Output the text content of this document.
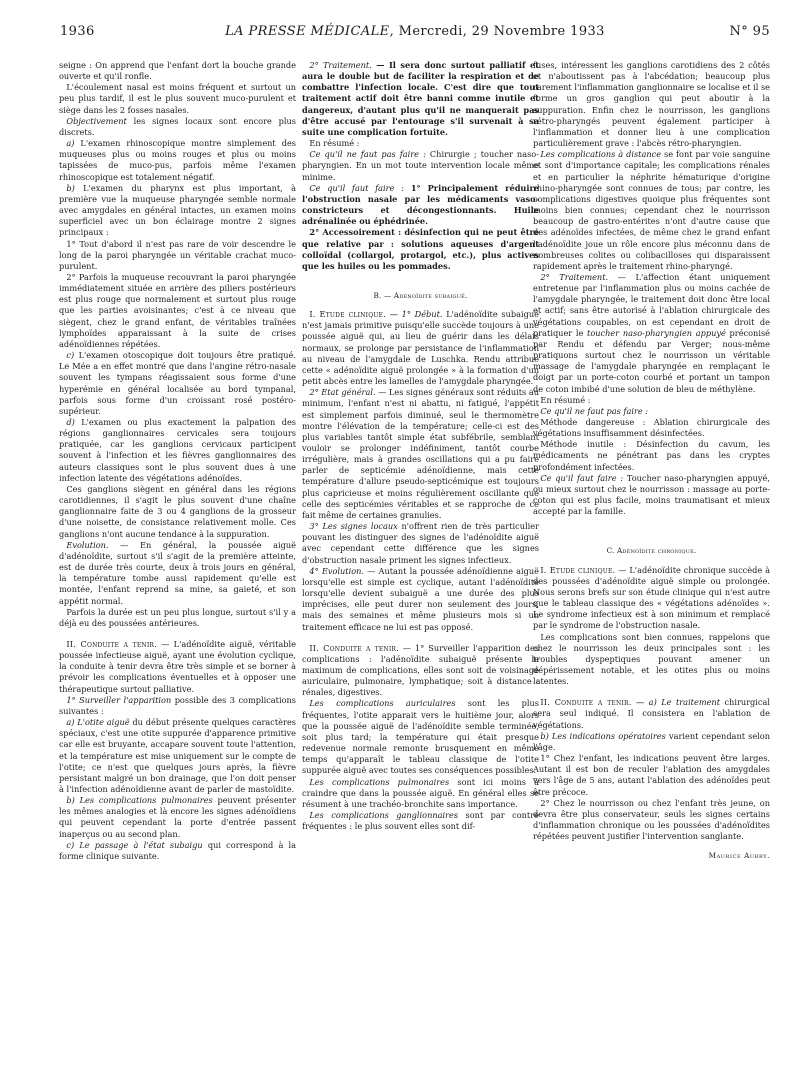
1936	LA PRESSE MÉDICALE, Mercredi, 29 Novembre 1933	N° 95

seigne : On apprend que l'enfant dort la bouche grande ouverte et qu'il ronfle.

L'écoulement nasal est moins fréquent et surtout un peu plus tardif, il est le plus souvent muco-purulent et siège dans les 2 fosses nasales.

Objectivement les signes locaux sont encore plus discrets.

a) L'examen rhinoscopique montre simplement des muqueuses plus ou moins rouges et plus ou moins tapissées de muco-pus, parfois même l'examen rhinoscopique est totalement négatif.

b) L'examen du pharynx est plus important, à première vue la muqueuse pharyngée semble normale avec amygdales en général intactes, un examen moins superficiel avec un bon éclairage montre 2 signes principaux :

1° Tout d'abord il n'est pas rare de voir descendre le long de la paroi pharyngée un véritable crachat muco-purulent.

2° Parfois la muqueuse recouvrant la paroi pharyngée immédiatement située en arrière des piliers postérieurs est plus rouge que normalement et surtout plus rouge que les parties avoisinantes; c'est à ce niveau que siègent, chez le grand enfant, de véritables traînées lymphoïdes apparaissant à la suite de crises adénoïdiennes répétées.

c) L'examen otoscopique doit toujours être pratiqué. Le Mée a en effet montré que dans l'angine rétro-nasale souvent les tympans réagissaient sous forme d'une hyperémie en général localisée au bord tympanal, parfois sous forme d'un croissant rosé postéro-supérieur.

d) L'examen ou plus exactement la palpation des régions ganglionnaires cervicales sera toujours pratiquée, car les ganglions cervicaux participent souvent à l'infection et les fièvres ganglionnaires des auteurs classiques sont le plus souvent dues à une infection latente des végétations adénoïdes.

Ces ganglions siègent en général dans les régions carotidiennes, il s'agit le plus souvent d'une chaîne ganglionnaire faite de 3 ou 4 ganglions de la grosseur d'une noisette, de consistance relativement molle. Ces ganglions n'ont aucune tendance à la suppuration.

Evolution. — En général, la poussée aiguë d'adénoïdite, surtout s'il s'agit de la première atteinte, est de durée très courte, deux à trois jours en général, la température tombe aussi rapidement qu'elle est montée, l'enfant reprend sa mine, sa gaieté, et son appétit normal.

Parfois la durée est un peu plus longue, surtout s'il y a déjà eu des poussées antérieures.

II. Conduite a tenir. — L'adénoïdite aiguë, véritable poussée infectieuse aiguë, ayant une évolution cyclique, la conduite à tenir devra être très simple et se borner à prévoir les complications éventuelles et à opposer une thérapeutique surtout palliative.

1° Surveiller l'apparition possible des 3 complications suivantes :

a) L'otite aiguë du début présente quelques caractères spéciaux, c'est une otite suppurée d'apparence primitive car elle est bruyante, accapare souvent toute l'attention, et la température est mise uniquement sur le compte de l'otite; ce n'est que quelques jours après, la fièvre persistant malgré un bon drainage, que l'on doit penser à l'infection adénoïdienne avant de parler de mastoïdite.

b) Les complications pulmonaires peuvent présenter les mêmes analogies et là encore les signes adénoïdiens qui peuvent cependant la porte d'entrée passent inaperçus ou au second plan.

c) Le passage à l'état subaigu qui correspond à la forme clinique suivante.

2° Traitement. — Il sera donc surtout palliatif et aura le double but de faciliter la respiration et de combattre l'infection locale. C'est dire que tout traitement actif doit être banni comme inutile et dangereux, d'autant plus qu'il ne manquerait pas d'être accusé par l'entourage s'il survenait à sa suite une complication fortuite.

En résumé :

Ce qu'il ne faut pas faire : Chirurgie ; toucher naso-pharyngien. En un mot toute intervention locale même minime.

Ce qu'il faut faire : 1° Principalement réduire l'obstruction nasale par les médicaments vaso-constricteurs et décongestionnants. Huile adrénalinée ou éphédrinée.

2° Accessoirement : désinfection qui ne peut être que relative par : solutions aqueuses d'argent colloïdal (collargol, protargol, etc.), plus actives que les huiles ou les pommades.

B. — Adénoïdite subaiguë.

I. Etude clinique. — 1° Début. L'adénoïdite subaiguë n'est jamais primitive puisqu'elle succède toujours à une poussée aiguë qui, au lieu de guérir dans les délais normaux, se prolonge par persistance de l'inflammation au niveau de l'amygdale de Luschka. Rendu attribue cette « adénoïdite aiguë prolongée » à la formation d'un petit abcès entre les lamelles de l'amygdale pharyngée.

2° Etat général. — Les signes généraux sont réduits au minimum, l'enfant n'est ni abattu, ni fatigué, l'appétit est simplement parfois diminué, seul le thermomètre montre l'élévation de la température; celle-ci est des plus variables tantôt simple état subfébrile, semblant vouloir se prolonger indéfiniment, tantôt courbe irrégulière, mais à grandes oscillations qui a pu faire parler de septicémie adénoïdienne, mais cette température d'allure pseudo-septicémique est toujours plus capricieuse et moins régulièrement oscillante que celle des septicémies véritables et se rapproche de ce fait même de certaines granulies.

3° Les signes locaux n'offrent rien de très particulier pouvant les distinguer des signes de l'adénoïdite aiguë avec cependant cette différence que les signes d'obstruction nasale priment les signes infectieux.

4° Evolution. — Autant la poussée adénoïdienne aiguë lorsqu'elle est simple est cyclique, autant l'adénoïdite lorsqu'elle devient subaiguë a une durée des plus imprécises, elle peut durer non seulement des jours, mais des semaines et même plusieurs mois si un traitement efficace ne lui est pas opposé.

II. Conduite a tenir. — 1° Surveiller l'apparition des complications : l'adénoïdite subaiguë présente le maximum de complications, elles sont soit de voisinage auriculaire, pulmonaire, lymphatique; soit à distance : rénales, digestives.

Les complications auriculaires sont les plus fréquentes, l'otite apparait vers le huitième jour, alors que la poussée aiguë de l'adénoïdite semble terminée, soit plus tard; la température qui était presque redevenue normale remonte brusquement en même temps qu'apparaît le tableau classique de l'otite suppurée aiguë avec toutes ses conséquences possibles.

Les complications pulmonaires sont ici moins à craindre que dans la poussée aiguë. En général elles se résument à une trachéo-bronchite sans importance.

Les complications ganglionnaires sont par contre fréquentes : le plus souvent elles sont dif-

fuses, intéressent les ganglions carotidiens des 2 côtés et n'aboutissent pas à l'abcédation; beaucoup plus rarement l'inflammation ganglionnaire se localise et il se forme un gros ganglion qui peut aboutir à la suppuration. Enfin chez le nourrisson, les ganglions rétro-pharyngés peuvent également participer à l'inflammation et donner lieu à une complication particulièrement grave : l'abcès rétro-pharyngien.

Les complications à distance se font par voie sanguine et sont d'importance capitale; les complications rénales et en particulier la néphrite hématurique d'origine rhino-pharyngée sont connues de tous; par contre, les complications digestives quoique plus fréquentes sont moins bien connues; cependant chez le nourrisson beaucoup de gastro-entérites n'ont d'autre cause que des adénoïdes infectées, de même chez le grand enfant l'adénoïdite joue un rôle encore plus méconnu dans de nombreuses colites ou colibacilloses qui disparaissent rapidement après le traitement rhino-pharyngé.

2° Traitement. — L'affection étant uniquement entretenue par l'inflammation plus ou moins cachée de l'amygdale pharyngée, le traitement doit donc être local et actif; sans être autorisé à l'ablation chirurgicale des végétations coupables, on est cependant en droit de pratiquer le toucher naso-pharyngien appuyé préconisé par Rendu et défendu par Verger; nous-même pratiquons surtout chez le nourrisson un véritable massage de l'amygdale pharyngée en remplaçant le doigt par un porte-coton courbé et portant un tampon de coton imbibé d'une solution de bleu de méthylène.

En résumé :

Ce qu'il ne faut pas faire :

Méthode dangereuse : Ablation chirurgicale des végétations insuffisamment désinfectées.

Méthode inutile : Désinfection du cavum, les médicaments ne pénétrant pas dans les cryptes profondément infectées.

Ce qu'il faut faire : Toucher naso-pharyngien appuyé, ou mieux surtout chez le nourrisson : massage au porte-coton qui est plus facile, moins traumatisant et mieux accepté par la famille.

C. Adénoïdite chronique.

I. Etude clinique. — L'adénoïdite chronique succède à des poussées d'adénoïdite aiguë simple ou prolongée. Nous serons brefs sur son étude clinique qui n'est autre que le tableau classique des « végétations adénoïdes ». Le syndrome infectieux est à son minimum et remplacé par le syndrome de l'obstruction nasale.

Les complications sont bien connues, rappelons que chez le nourrisson les deux principales sont : les troubles dyspeptiques pouvant amener un dépérissement notable, et les otites plus ou moins latentes.

II. Conduite a tenir. — a) Le traitement chirurgical sera seul indiqué. Il consistera en l'ablation de végétations.

b) Les indications opératoires varient cependant selon l'âge.

1° Chez l'enfant, les indications peuvent être larges. Autant il est bon de reculer l'ablation des amygdales vers l'âge de 5 ans, autant l'ablation des adénoïdes peut être précoce.

2° Chez le nourrisson ou chez l'enfant très jeune, on devra être plus conservateur, seuls les signes certains d'inflammation chronique ou les poussées d'adénoïdites répétées peuvent justifier l'intervention sanglante.

Maurice Aubry.
